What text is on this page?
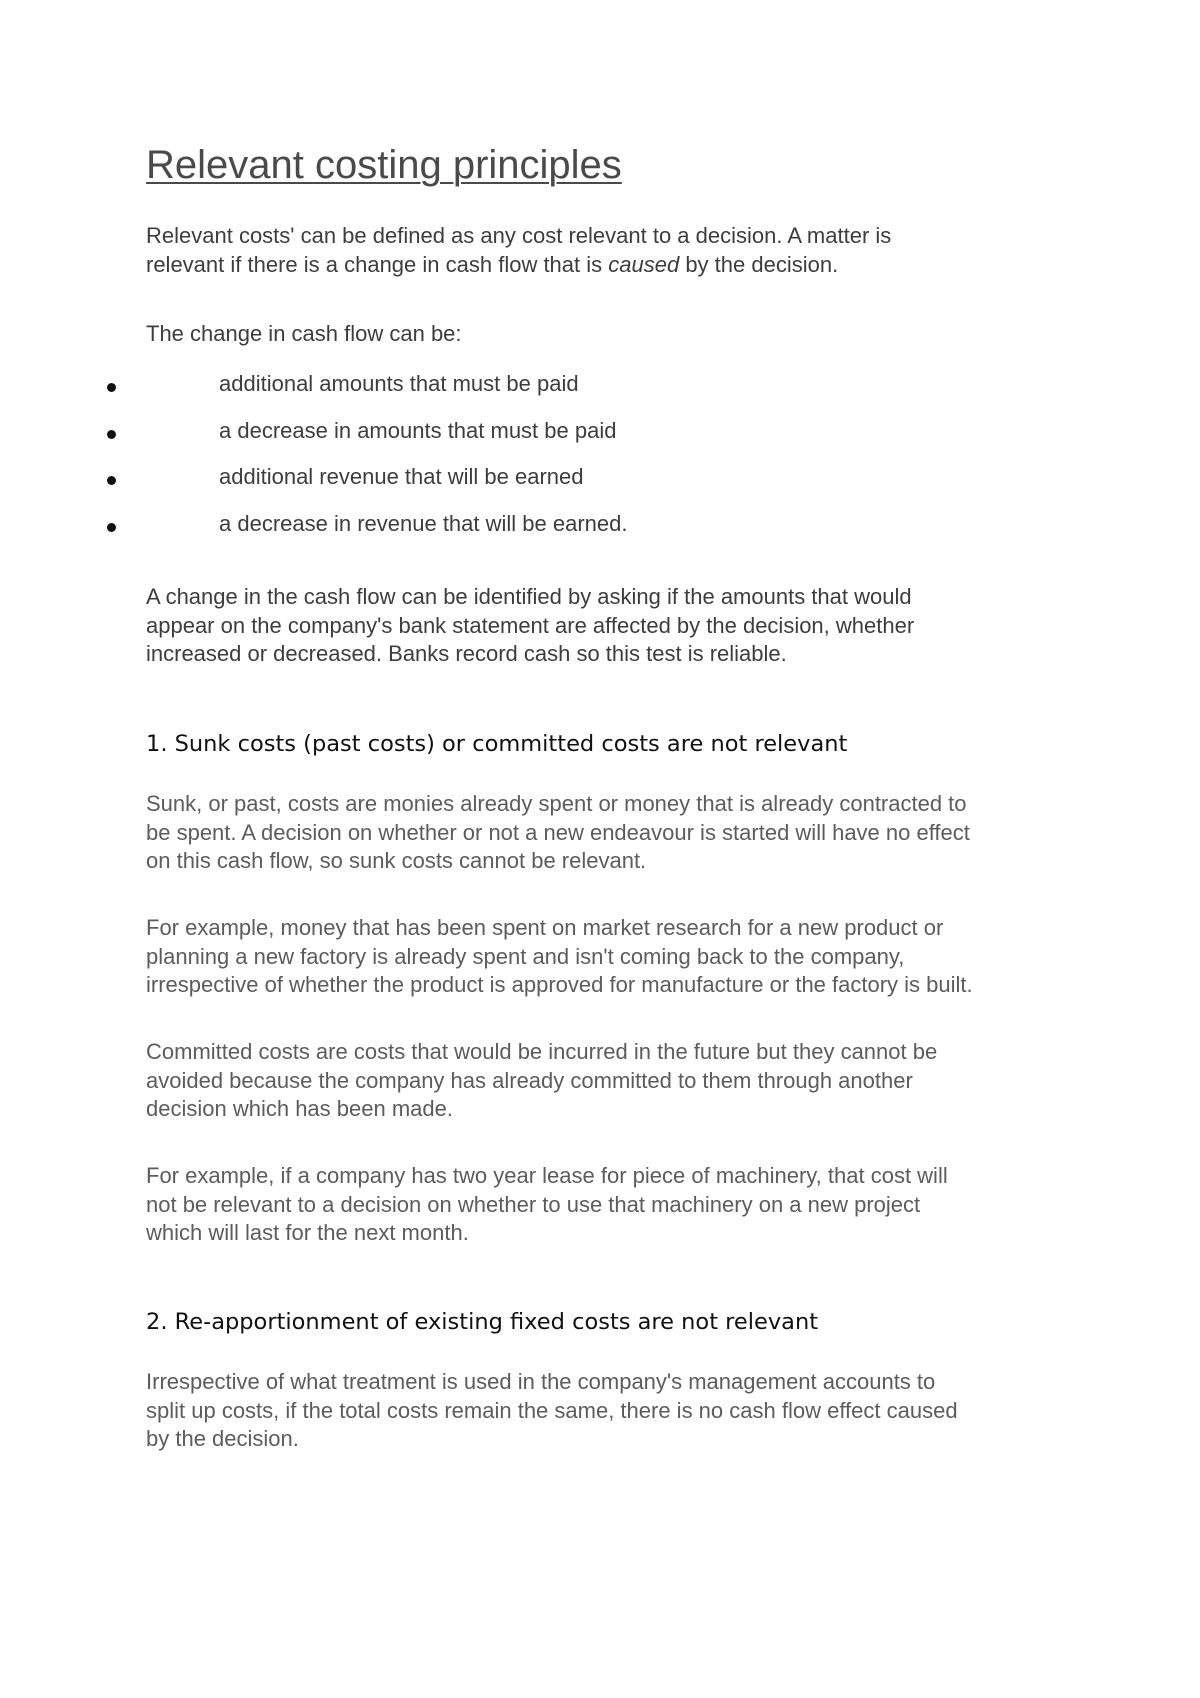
Relevant costing principles

Relevant costs' can be defined as any cost relevant to a decision. A matter is
relevant if there is a change in cash flow that is caused by the decision.

The change in cash flow can be:

additional amounts that must be paid
a decrease in amounts that must be paid
additional revenue that will be earned
a decrease in revenue that will be earned.

A change in the cash flow can be identified by asking if the amounts that would
appear on the company's bank statement are affected by the decision, whether
increased or decreased. Banks record cash so this test is reliable.

1. Sunk costs (past costs) or committed costs are not relevant

Sunk, or past, costs are monies already spent or money that is already contracted to
be spent. A decision on whether or not a new endeavour is started will have no effect
on this cash flow, so sunk costs cannot be relevant.

For example, money that has been spent on market research for a new product or
planning a new factory is already spent and isn't coming back to the company,
irrespective of whether the product is approved for manufacture or the factory is built.

Committed costs are costs that would be incurred in the future but they cannot be
avoided because the company has already committed to them through another
decision which has been made.

For example, if a company has two year lease for piece of machinery, that cost will
not be relevant to a decision on whether to use that machinery on a new project
which will last for the next month.

2. Re-apportionment of existing fixed costs are not relevant

Irrespective of what treatment is used in the company's management accounts to
split up costs, if the total costs remain the same, there is no cash flow effect caused
by the decision.
